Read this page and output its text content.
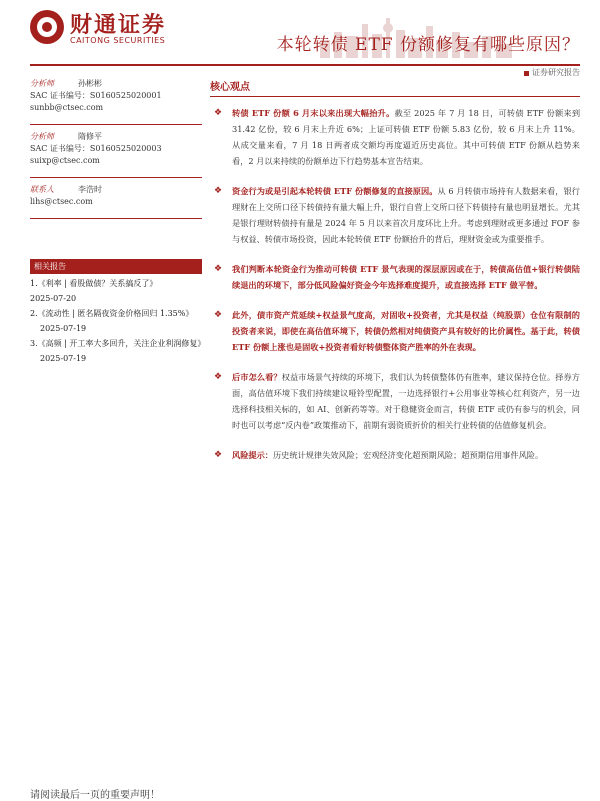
财通证券
CAITONG SECURITIES	本轮转债 ETF 份额修复有哪些原因？
证券研究报告
分析师	孙彬彬
SAC 证书编号：S0160525020001
sunbb@ctsec.com
分析师	隋修平
SAC 证书编号：S0160525020003
suixp@ctsec.com
联系人	李浩时
lihs@ctsec.com
相关报告
1.《利率 | 看股做债？关系搞反了》
2025-07-20
2.《流动性 | 匿名隔夜资金价格回归 1.35%》
2025-07-19
3.《高频 | 开工率大多回升，关注企业利润修复》
2025-07-19
核心观点
❖ 转债 ETF 份额 6 月末以来出现大幅抬升。截至 2025 年 7 月 18 日，可转债 ETF 份额来到 31.42 亿份，较 6 月末上升近 6%；上证可转债 ETF 份额 5.83 亿份，较 6 月末上升 11%。从成交量来看，7 月 18 日两者成交额均再度逼近历史高位。其中可转债 ETF 份额从趋势来看，2 月以来持续的份额单边下行趋势基本宣告结束。
❖ 资金行为或是引起本轮转债 ETF 份额修复的直接原因。从 6 月转债市场持有人数据来看，银行理财在上交所口径下转债持有量大幅上升，银行自营上交所口径下转债持有量也明显增长。尤其是银行理财转债持有量是 2024 年 5 月以来首次月度环比上升。考虑到理财或更多通过 FOF 参与权益、转债市场投资，因此本轮转债 ETF 份额抬升的背后，理财资金或为重要推手。
❖ 我们判断本轮资金行为推动可转债 ETF 景气表现的深层原因或在于，转债高估值+银行转债陆续退出的环境下，部分低风险偏好资金今年选择难度提升，或直接选择 ETF 做平替。
❖ 此外，债市资产荒延续+权益景气度高，对固收+投资者，尤其是权益（纯股票）仓位有限制的投资者来说，即使在高估值环境下，转债仍然相对纯债资产具有较好的比价属性。基于此，转债 ETF 份额上涨也是固收+投资者看好转债整体资产胜率的外在表现。
❖ 后市怎么看？权益市场景气持续的环境下，我们认为转债整体仍有胜率，建议保持仓位。择券方面，高估值环境下我们持续建议哑铃型配置，一边选择银行+公用事业等核心红利资产，另一边选择科技相关标的，如 AI、创新药等等。对于稳健资金而言，转债 ETF 或仍有参与的机会，同时也可以考虑“反内卷”政策推动下，前期有弱资质折价的相关行业转债的估值修复机会。
❖ 风险提示：历史统计规律失效风险；宏观经济变化超预期风险；超预期信用事件风险。
请阅读最后一页的重要声明！
